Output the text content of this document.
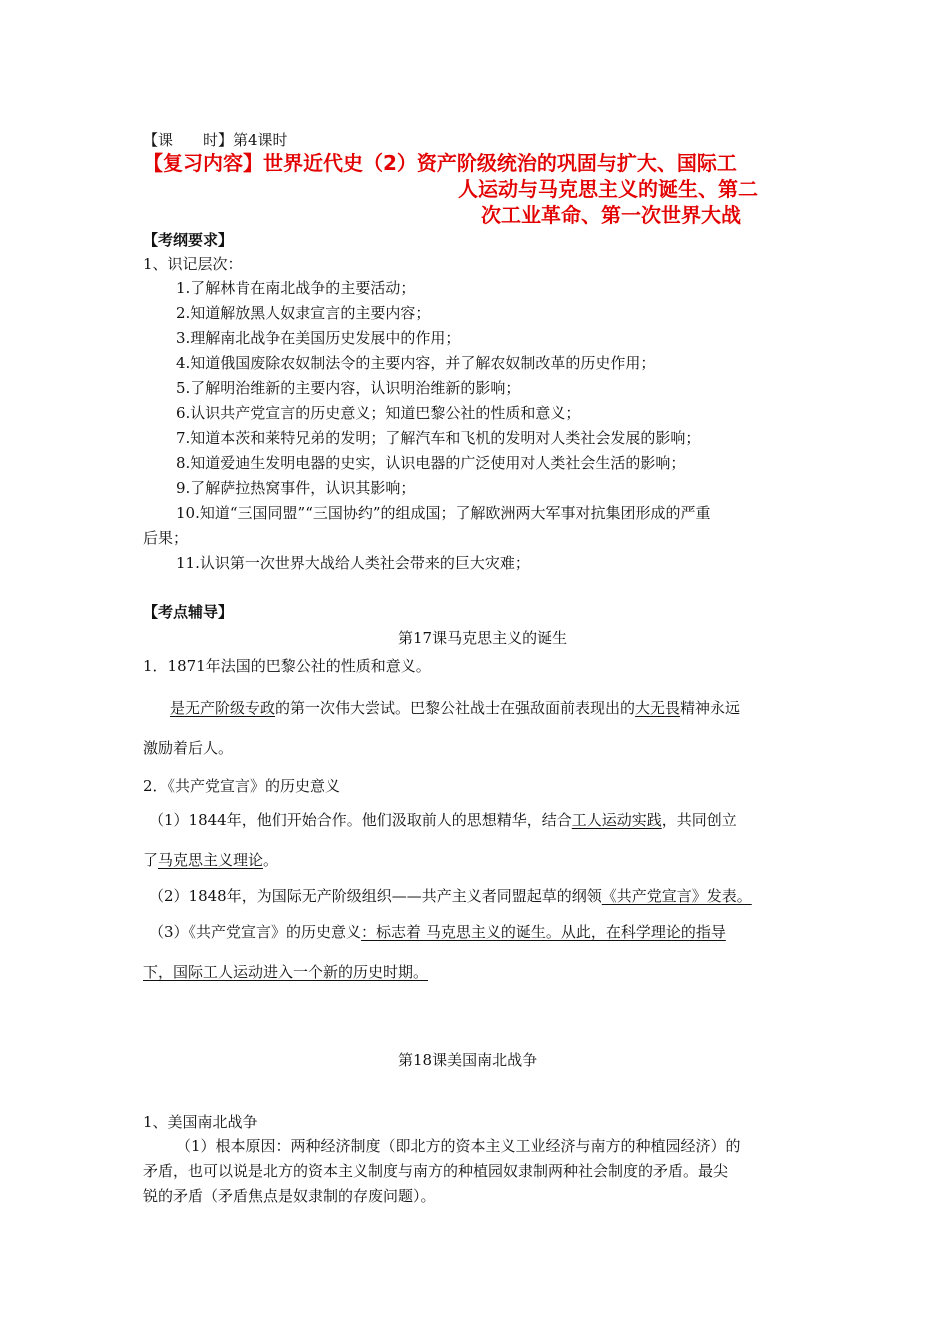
【课　　时】第4课时
【复习内容】世界近代史（2）资产阶级统治的巩固与扩大、国际工
人运动与马克思主义的诞生、第二
次工业革命、第一次世界大战
【考纲要求】
1、识记层次：
1.了解林肯在南北战争的主要活动；
2.知道解放黑人奴隶宣言的主要内容；
3.理解南北战争在美国历史发展中的作用；
4.知道俄国废除农奴制法令的主要内容，并了解农奴制改革的历史作用；
5.了解明治维新的主要内容，认识明治维新的影响；
6.认识共产党宣言的历史意义；知道巴黎公社的性质和意义；
7.知道本茨和莱特兄弟的发明；了解汽车和飞机的发明对人类社会发展的影响；
8.知道爱迪生发明电器的史实，认识电器的广泛使用对人类社会生活的影响；
9.了解萨拉热窝事件，认识其影响；
10.知道“三国同盟”“三国协约”的组成国；了解欧洲两大军事对抗集团形成的严重
后果；
11.认识第一次世界大战给人类社会带来的巨大灾难；
【考点辅导】
第17课马克思主义的诞生
1．1871年法国的巴黎公社的性质和意义。
是无产阶级专政的第一次伟大尝试。巴黎公社战士在强敌面前表现出的大无畏精神永远
激励着后人。
2．《共产党宣言》的历史意义
（1）1844年，他们开始合作。他们汲取前人的思想精华，结合工人运动实践，共同创立
了马克思主义理论。
（2）1848年，为国际无产阶级组织——共产主义者同盟起草的纲领《共产党宣言》发表。
（3）《共产党宣言》的历史意义：标志着 马克思主义的诞生。从此，在科学理论的指导
下，国际工人运动进入一个新的历史时期。
第18课美国南北战争
1、美国南北战争
（1）根本原因：两种经济制度（即北方的资本主义工业经济与南方的种植园经济）的
矛盾，也可以说是北方的资本主义制度与南方的种植园奴隶制两种社会制度的矛盾。最尖
锐的矛盾（矛盾焦点是奴隶制的存废问题）。
